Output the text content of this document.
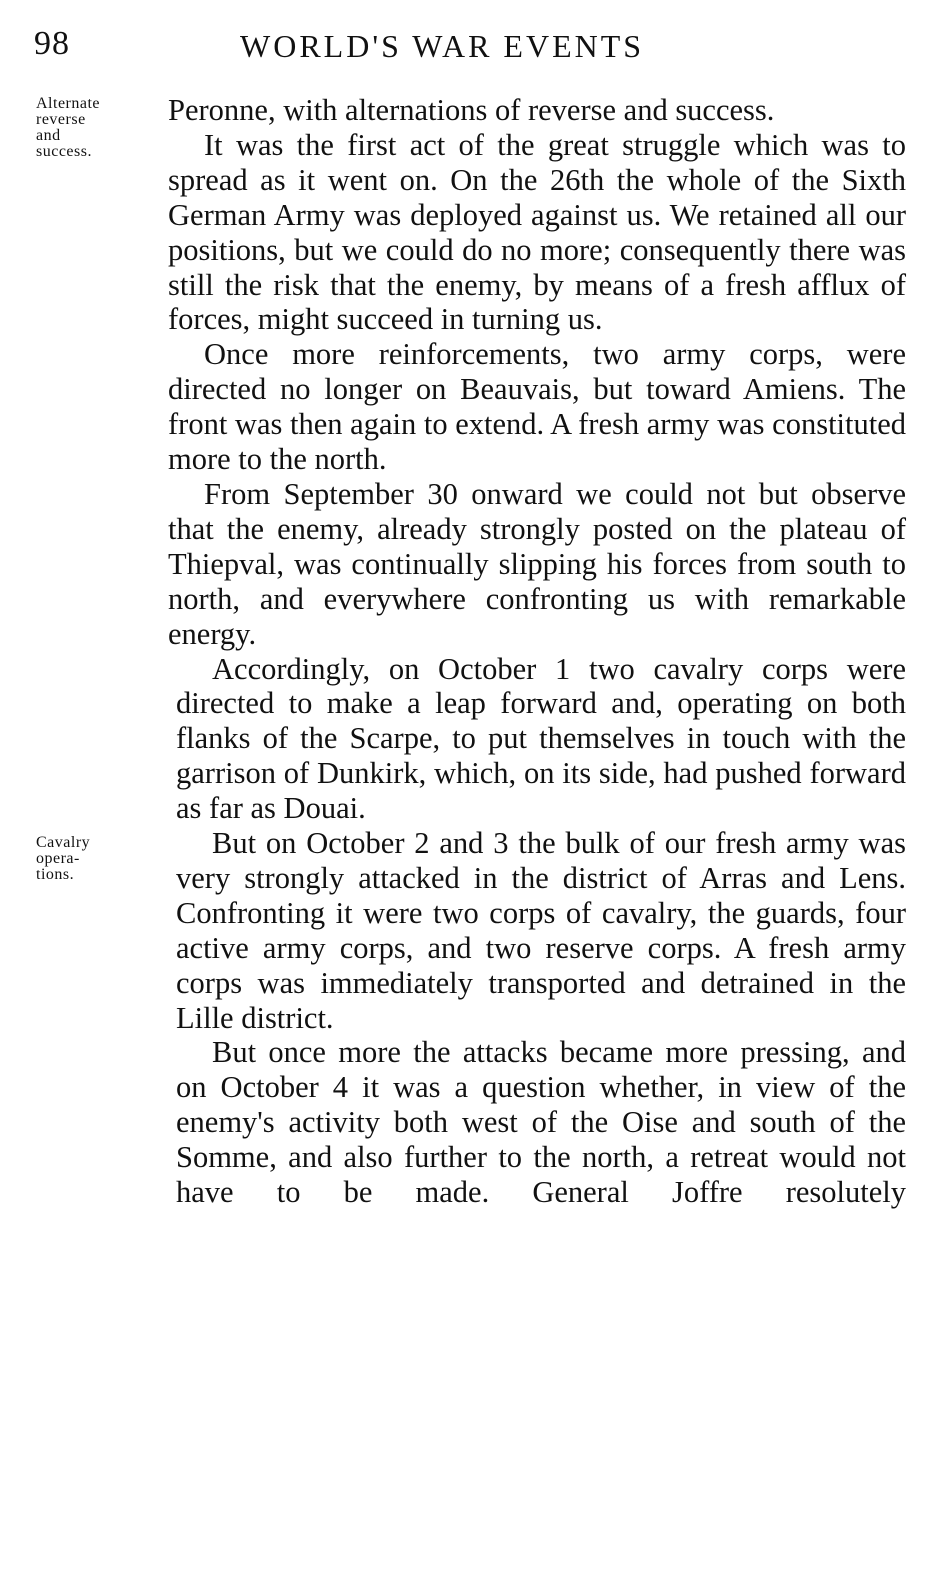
98	WORLD'S WAR EVENTS
Alternate
reverse
and
success.
Cavalry
opera-
tions.

Peronne, with alternations of reverse and success.

It was the first act of the great struggle which was to spread as it went on. On the 26th the whole of the Sixth German Army was deployed against us. We retained all our positions, but we could do no more; consequently there was still the risk that the enemy, by means of a fresh afflux of forces, might succeed in turning us.

Once more reinforcements, two army corps, were directed no longer on Beauvais, but toward Amiens. The front was then again to extend. A fresh army was constituted more to the north.

From September 30 onward we could not but observe that the enemy, already strongly posted on the plateau of Thiepval, was continually slipping his forces from south to north, and everywhere confronting us with remarkable energy.

Accordingly, on October 1 two cavalry corps were directed to make a leap forward and, operating on both flanks of the Scarpe, to put themselves in touch with the garrison of Dunkirk, which, on its side, had pushed forward as far as Douai.

But on October 2 and 3 the bulk of our fresh army was very strongly attacked in the district of Arras and Lens. Confronting it were two corps of cavalry, the guards, four active army corps, and two reserve corps. A fresh army corps was immediately transported and detrained in the Lille district.

But once more the attacks became more pressing, and on October 4 it was a question whether, in view of the enemy's activity both west of the Oise and south of the Somme, and also further to the north, a retreat would not have to be made. General Joffre resolutely
